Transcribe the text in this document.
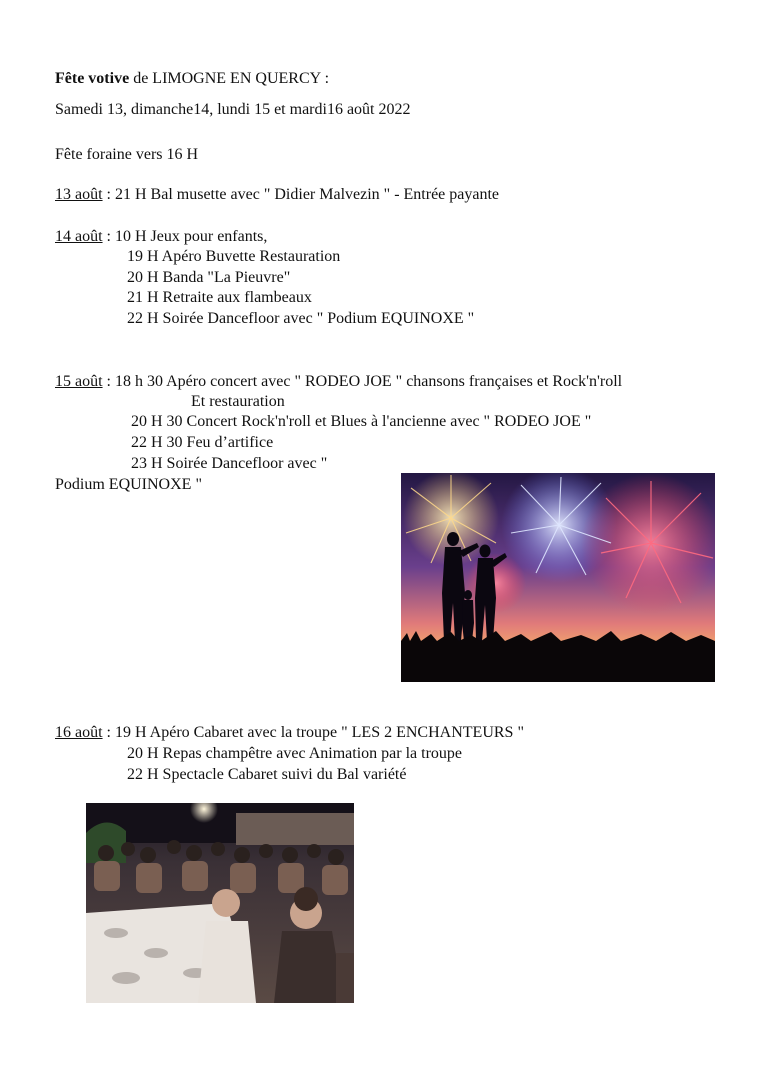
Fête votive de LIMOGNE EN QUERCY :
Samedi 13, dimanche14, lundi 15 et mardi16 août 2022
Fête foraine vers 16 H
13 août : 21 H Bal musette avec " Didier Malvezin " - Entrée payante
14 août : 10 H Jeux pour enfants,
19 H Apéro Buvette Restauration
20 H Banda "La Pieuvre"
21 H Retraite aux flambeaux
22 H Soirée Dancefloor avec " Podium EQUINOXE "
15 août : 18 h 30 Apéro concert avec " RODEO JOE " chansons françaises et Rock'n'roll
Et restauration
20 H 30 Concert Rock'n'roll et Blues à l'ancienne avec " RODEO JOE "
22 H 30 Feu d’artifice
23 H Soirée Dancefloor avec "
Podium EQUINOXE "
16 août : 19 H Apéro Cabaret avec la troupe " LES 2 ENCHANTEURS "
20 H Repas champêtre avec Animation par la troupe
22 H Spectacle Cabaret suivi du Bal variété
